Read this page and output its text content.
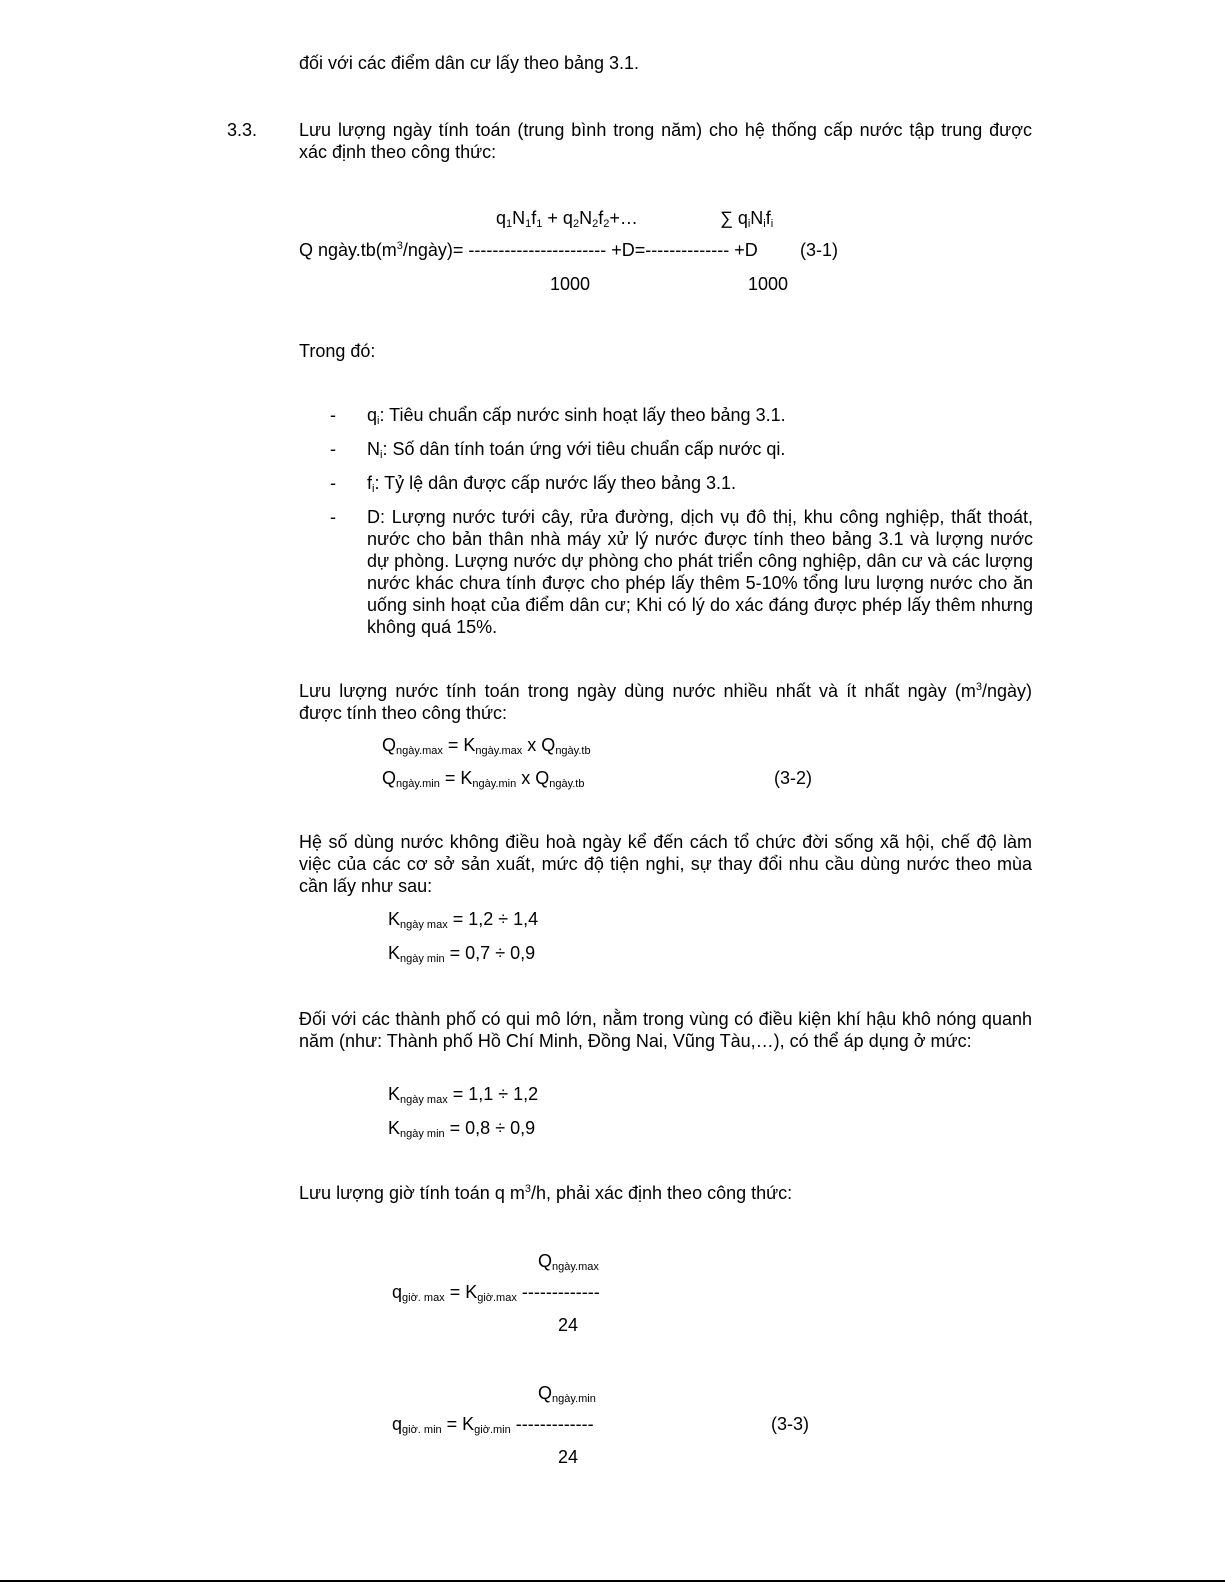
đối với các điểm dân cư lấy theo bảng 3.1.
3.3. Lưu lượng ngày tính toán (trung bình trong năm) cho hệ thống cấp nước tập trung được xác định theo công thức:
$q_1N_1f_1$ + $q_2N_2f_2+\dots$	∑ $q_iN_if_i$
Q $ngày.tb(m^3/ngày)=$ ----------------------- +D=-------------- +D (3-1)
1000	1000
Trong đó:
- $q_i$: Tiêu chuẩn cấp nước sinh hoạt lấy theo bảng 3.1.
- $N_i$: Số dân tính toán ứng với tiêu chuẩn cấp nước qi.
- $f_i$: Tỷ lệ dân được cấp nước lấy theo bảng 3.1.
- D: Lượng nước tưới cây, rửa đường, dịch vụ đô thị, khu công nghiệp, thất thoát, nước cho bản thân nhà máy xử lý nước được tính theo bảng 3.1 và lượng nước dự phòng. Lượng nước dự phòng cho phát triển công nghiệp, dân cư và các lượng nước khác chưa tính được cho phép lấy thêm 5-10% tổng lưu lượng nước cho ăn uống sinh hoạt của điểm dân cư; Khi có lý do xác đáng được phép lấy thêm nhưng không quá 15%.
Lưu lượng nước tính toán trong ngày dùng nước nhiều nhất và ít nhất ngày $(m^3/ngày)$ được tính theo công thức:
$Q_{ngày.max} = K_{ngày.max}$ x $Q_{ngày.tb}$
$Q_{ngày.min} = K_{ngày.min}$ x $Q_{ngày.tb}$	(3-2)
Hệ số dùng nước không điều hoà ngày kể đến cách tổ chức đời sống xã hội, chế độ làm việc của các cơ sở sản xuất, mức độ tiện nghi, sự thay đổi nhu cầu dùng nước theo mùa cần lấy như sau:
$K_{ngày max} = 1,2 \div 1,4$
$K_{ngày min} = 0,7 \div 0,9$
Đối với các thành phố có qui mô lớn, nằm trong vùng có điều kiện khí hậu khô nóng quanh năm (như: Thành phố Hồ Chí Minh, Đồng Nai, Vũng Tàu,…), có thể áp dụng ở mức:
$K_{ngày max} = 1,1 \div 1,2$
$K_{ngày min} = 0,8 \div 0,9$
Lưu lượng giờ tính toán q $m^3/h$, phải xác định theo công thức:
$Q_{ngày.max}$
$q_{giờ. max} = K_{giờ.max}$ -------------
24
$Q_{ngày.min}$
$q_{giờ. min} = K_{giờ.min}$ -------------	(3-3)
24
